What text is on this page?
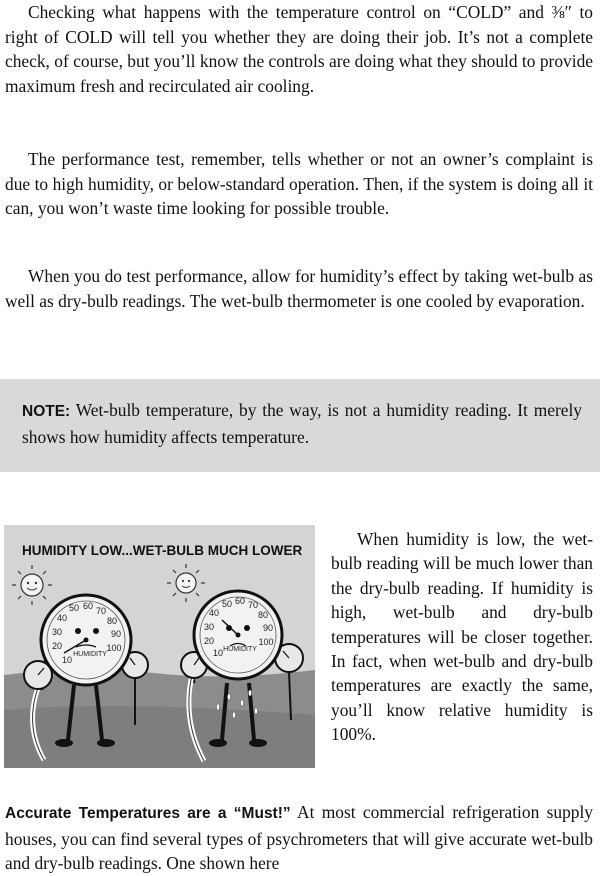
Checking what happens with the temperature control on “COLD” and ⅜″ to right of COLD will tell you whether they are doing their job. It’s not a complete check, of course, but you’ll know the controls are doing what they should to provide maximum fresh and recirculated air cooling.

The performance test, remember, tells whether or not an owner’s complaint is due to high humidity, or below-standard operation. Then, if the system is doing all it can, you won’t waste time looking for possible trouble.

When you do test performance, allow for humidity’s effect by taking wet-bulb as well as dry-bulb readings. The wet-bulb thermometer is one cooled by evaporation.

NOTE: Wet-bulb temperature, by the way, is not a humidity reading. It merely shows how humidity affects temperature.

HUMIDITY LOW...WET-BULB MUCH LOWER
50 60 70
40	80
30	90
20	100
10
HUMIDITY
50 60 70
40	80
30	90
20	100
10 HUMIDITY

When humidity is low, the wet-bulb reading will be much lower than the dry-bulb reading. If humidity is high, wet-bulb and dry-bulb temperatures will be closer together. In fact, when wet-bulb and dry-bulb temperatures are exactly the same, you’ll know relative humidity is 100%.

Accurate Temperatures are a “Must!” At most commercial refrigeration supply houses, you can find several types of psychrometers that will give accurate wet-bulb and dry-bulb readings. One shown here
